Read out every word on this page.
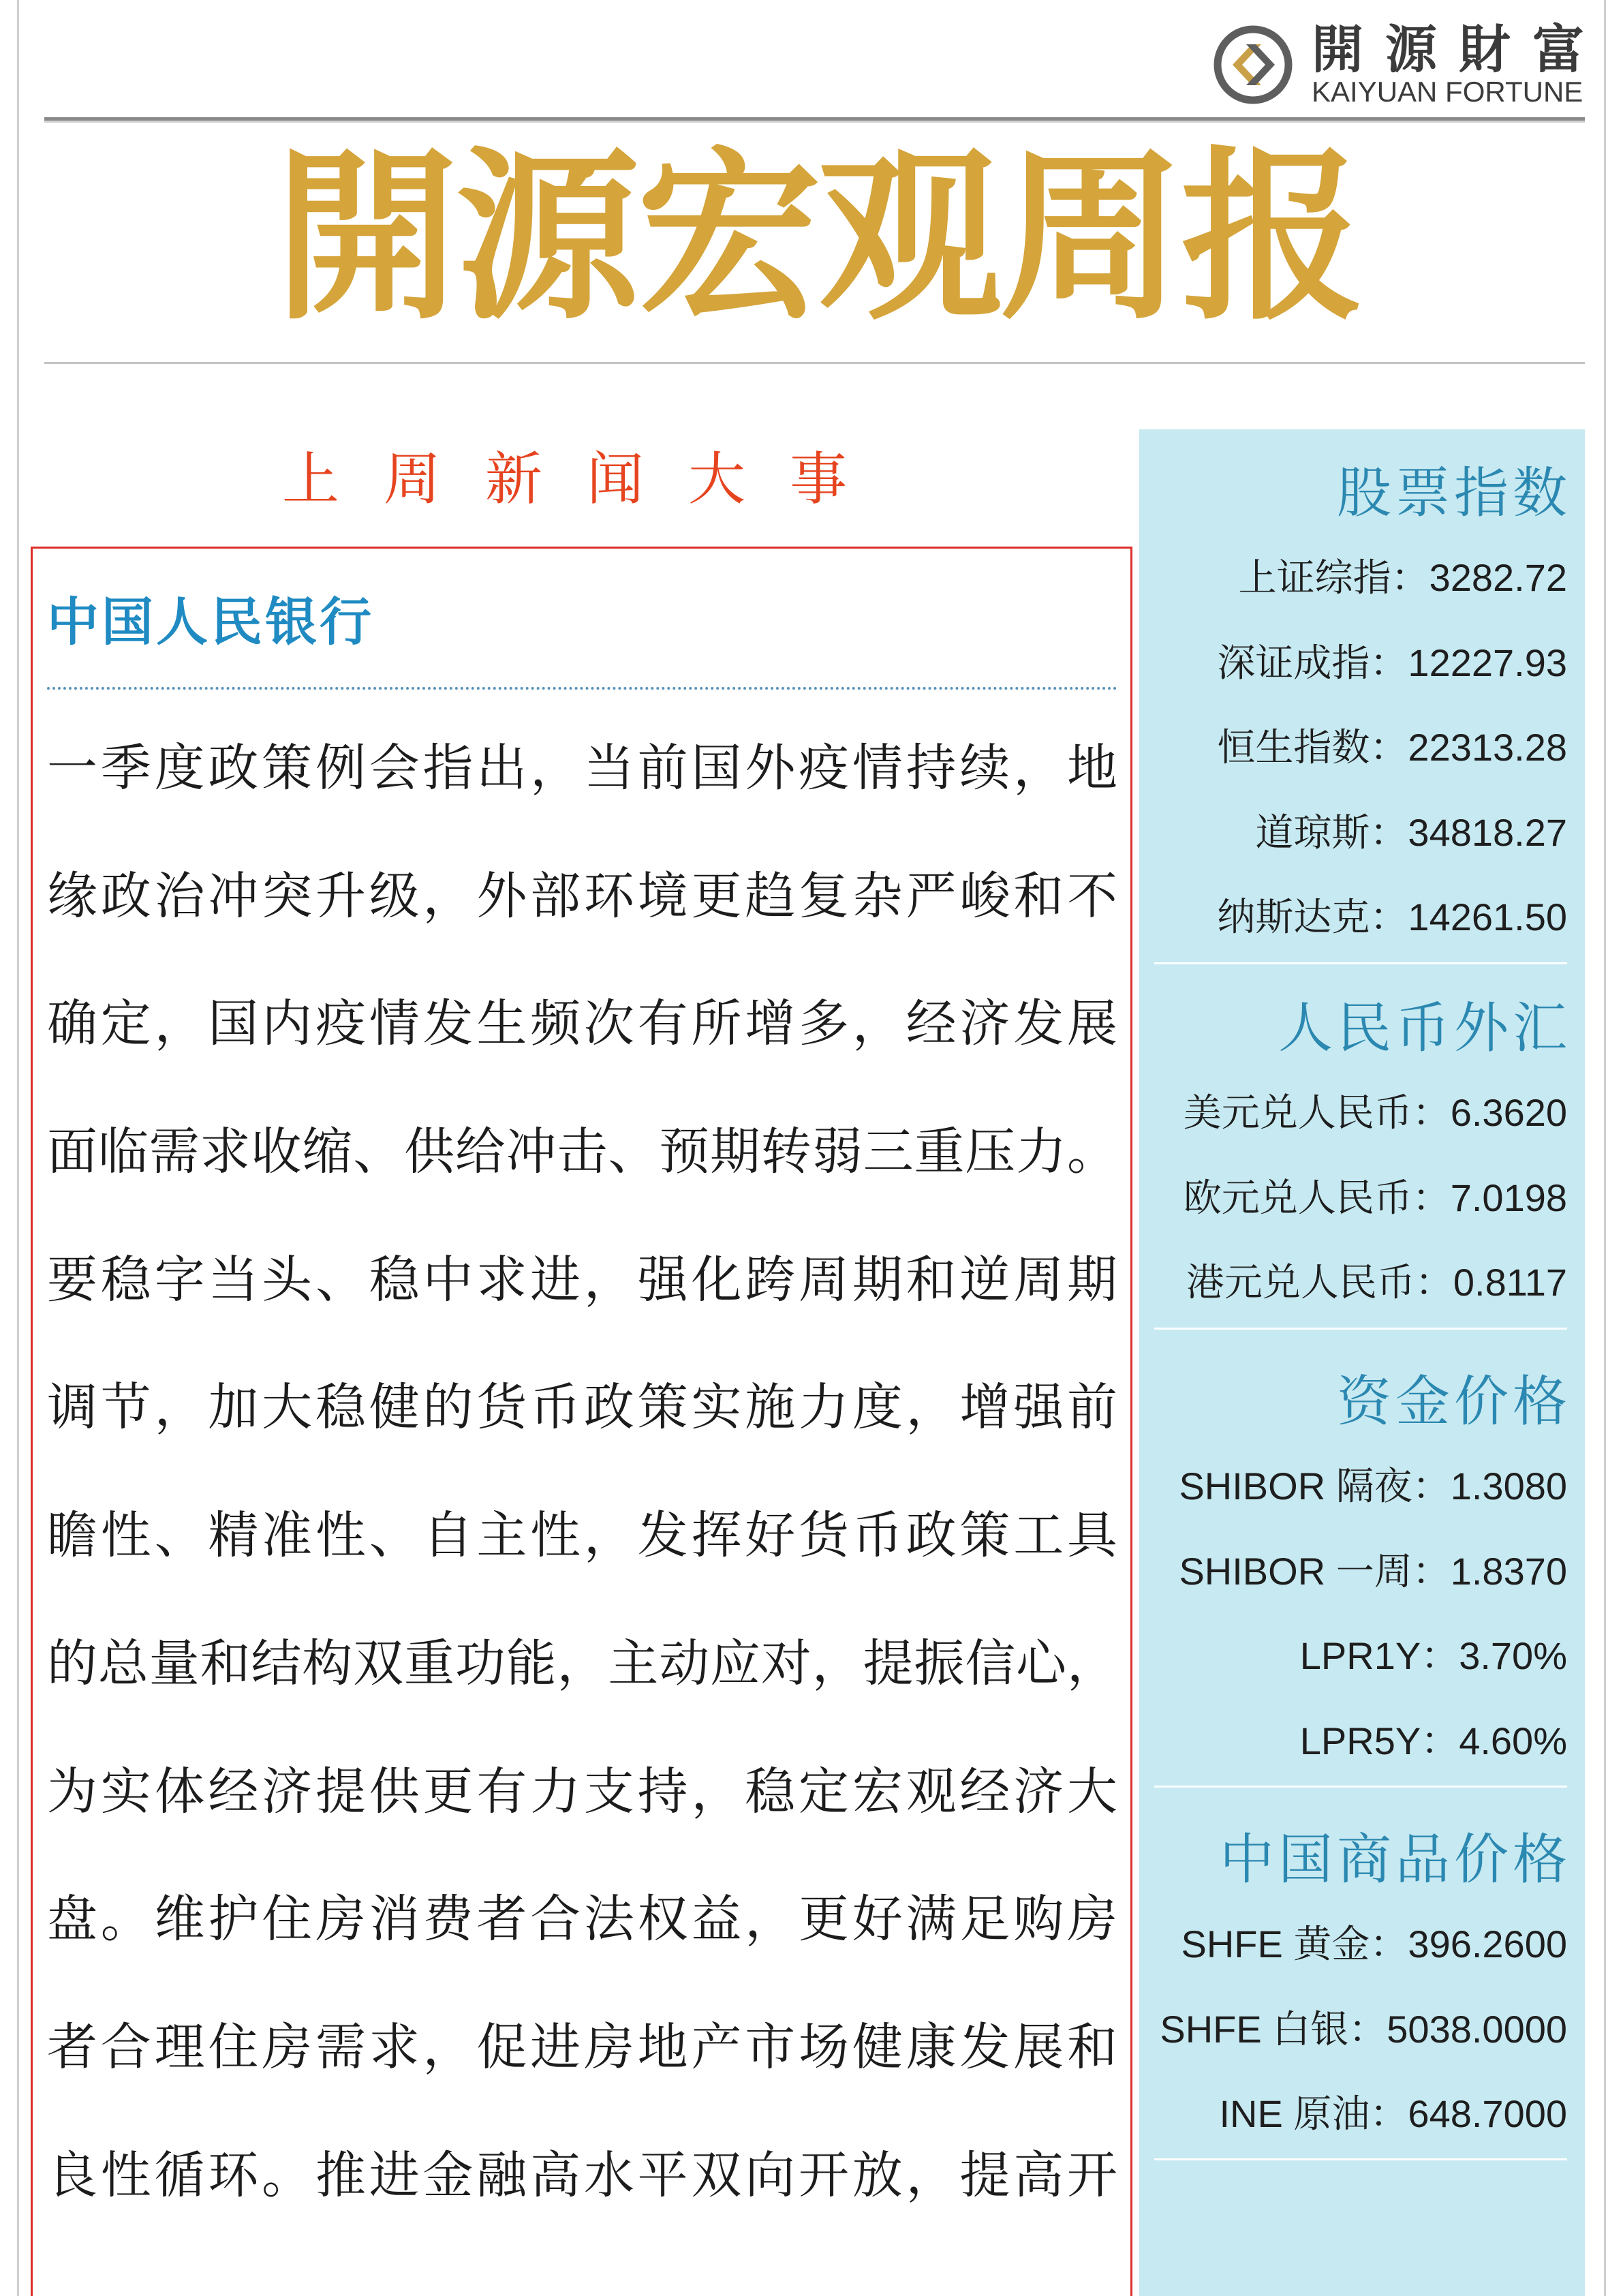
開源財富
KAIYUAN FORTUNE
開源宏观周报
上周新闻大事
中国人民银行
一季度政策例会指出，当前国外疫情持续，地
缘政治冲突升级，外部环境更趋复杂严峻和不
确定，国内疫情发生频次有所增多，经济发展
面临需求收缩、供给冲击、预期转弱三重压力。
要稳字当头、稳中求进，强化跨周期和逆周期
调节，加大稳健的货币政策实施力度，增强前
瞻性、精准性、自主性，发挥好货币政策工具
的总量和结构双重功能，主动应对，提振信心，
为实体经济提供更有力支持，稳定宏观经济大
盘。维护住房消费者合法权益，更好满足购房
者合理住房需求，促进房地产市场健康发展和
良性循环。推进金融高水平双向开放，提高开
股票指数
上证综指：3282.72
深证成指：12227.93
恒生指数：22313.28
道琼斯：34818.27
纳斯达克：14261.50
人民币外汇
美元兑人民币：6.3620
欧元兑人民币：7.0198
港元兑人民币：0.8117
资金价格
SHIBOR 隔夜：1.3080
SHIBOR 一周：1.8370
LPR1Y：3.70%
LPR5Y：4.60%
中国商品价格
SHFE 黄金：396.2600
SHFE 白银：5038.0000
INE 原油：648.7000
